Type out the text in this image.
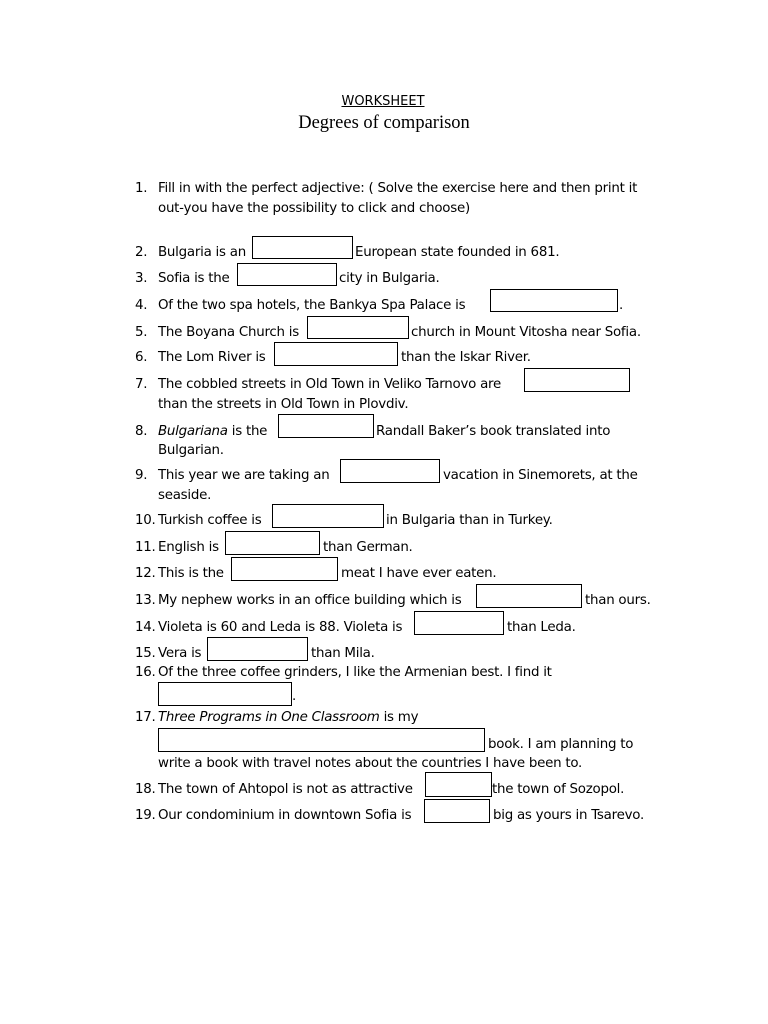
WORKSHEET
Degrees of comparison
1. Fill in with the perfect adjective: ( Solve the exercise here and then print it
out-you have the possibility to click and choose)
2. Bulgaria is an	European state founded in 681.
3. Sofia is the	city in Bulgaria.
4. Of the two spa hotels, the Bankya Spa Palace is	.
5. The Boyana Church is	church in Mount Vitosha near Sofia.
6. The Lom River is	than the Iskar River.
7. The cobbled streets in Old Town in Veliko Tarnovo are
than the streets in Old Town in Plovdiv.
8. Bulgariana is the	Randall Baker’s book translated into
Bulgarian.
9. This year we are taking an	vacation in Sinemorets, at the
seaside.
10. Turkish coffee is	in Bulgaria than in Turkey.
11. English is	than German.
12. This is the	meat I have ever eaten.
13. My nephew works in an office building which is	than ours.
14. Violeta is 60 and Leda is 88. Violeta is	than Leda.
15. Vera is	than Mila.
16. Of the three coffee grinders, I like the Armenian best. I find it
.
17. Three Programs in One Classroom is my
book. I am planning to
write a book with travel notes about the countries I have been to.
18. The town of Ahtopol is not as attractive	the town of Sozopol.
19. Our condominium in downtown Sofia is	big as yours in Tsarevo.
